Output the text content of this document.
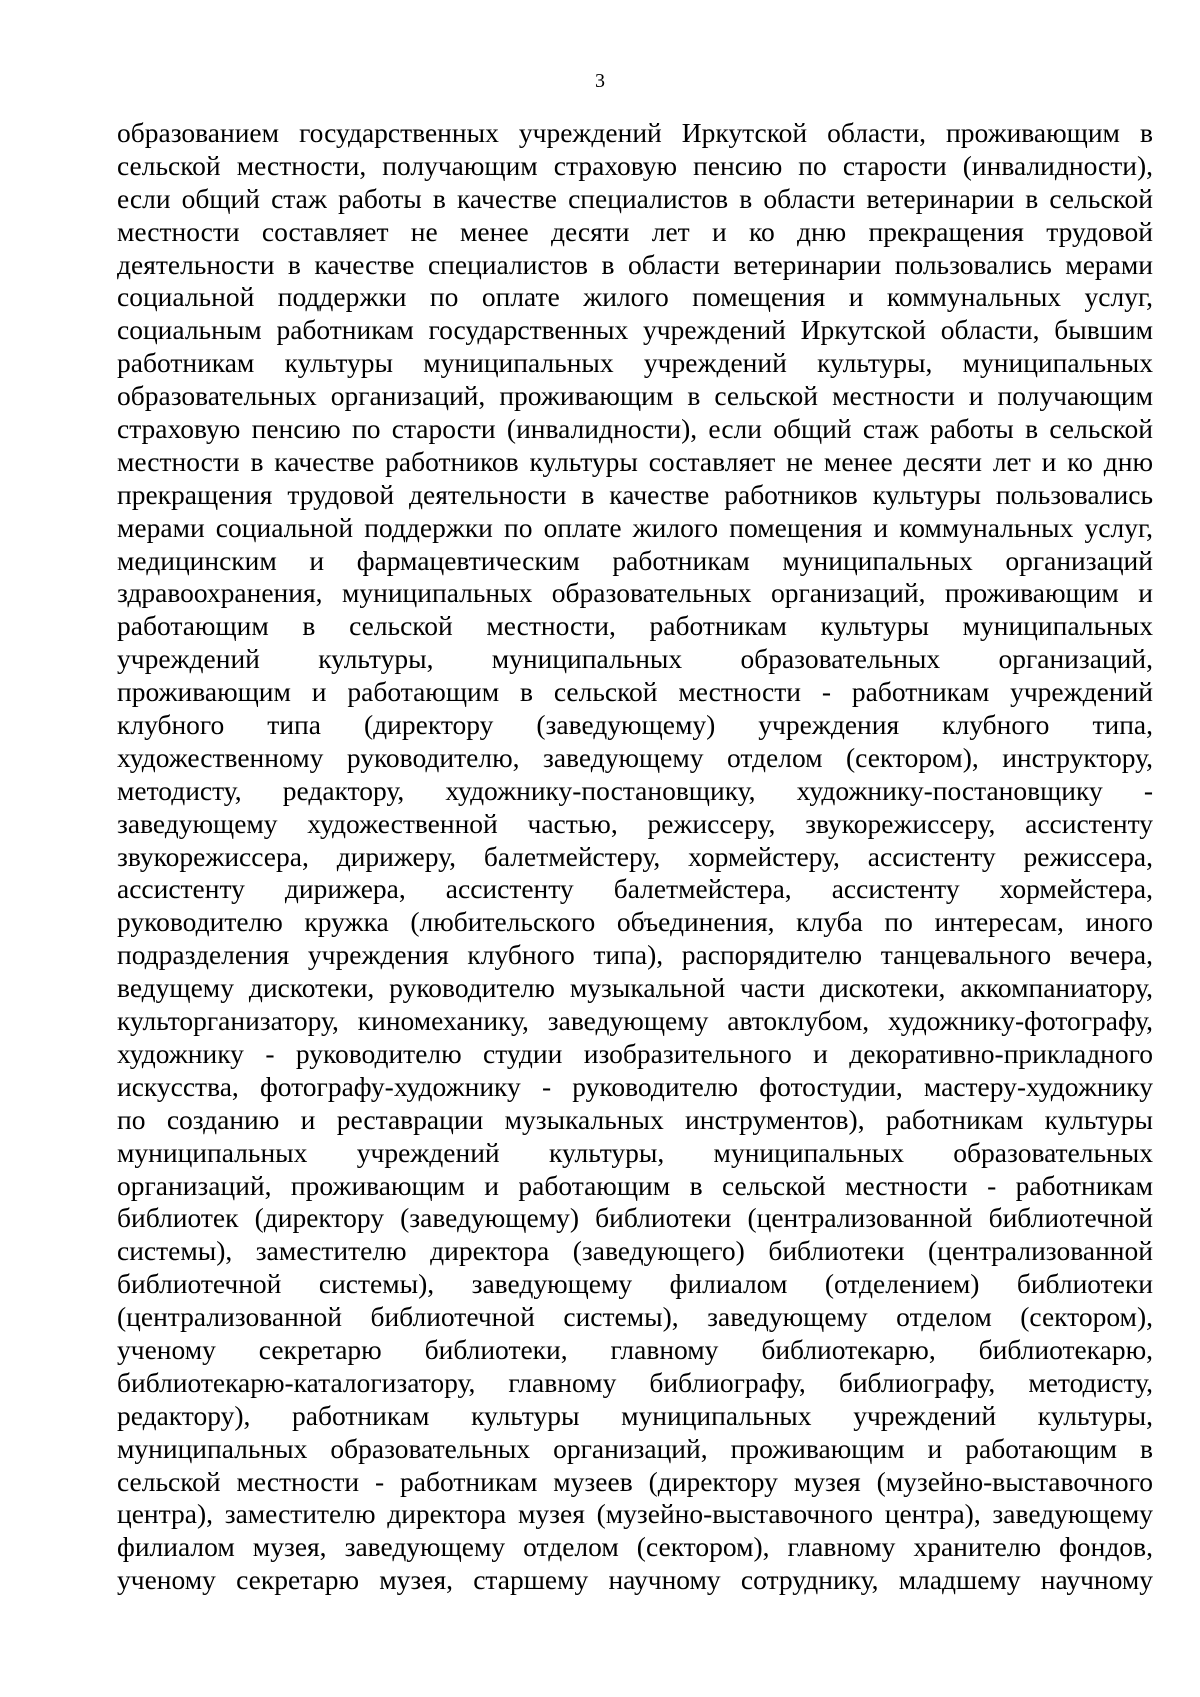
3
образованием государственных учреждений Иркутской области, проживающим в
сельской местности, получающим страховую пенсию по старости (инвалидности),
если общий стаж работы в качестве специалистов в области ветеринарии в сельской
местности составляет не менее десяти лет и ко дню прекращения трудовой
деятельности в качестве специалистов в области ветеринарии пользовались мерами
социальной поддержки по оплате жилого помещения и коммунальных услуг,
социальным работникам государственных учреждений Иркутской области, бывшим
работникам культуры муниципальных учреждений культуры, муниципальных
образовательных организаций, проживающим в сельской местности и получающим
страховую пенсию по старости (инвалидности), если общий стаж работы в сельской
местности в качестве работников культуры составляет не менее десяти лет и ко дню
прекращения трудовой деятельности в качестве работников культуры пользовались
мерами социальной поддержки по оплате жилого помещения и коммунальных услуг,
медицинским и фармацевтическим работникам муниципальных организаций
здравоохранения, муниципальных образовательных организаций, проживающим и
работающим в сельской местности, работникам культуры муниципальных
учреждений культуры, муниципальных образовательных организаций,
проживающим и работающим в сельской местности - работникам учреждений
клубного типа (директору (заведующему) учреждения клубного типа,
художественному руководителю, заведующему отделом (сектором), инструктору,
методисту, редактору, художнику-постановщику, художнику-постановщику -
заведующему художественной частью, режиссеру, звукорежиссеру, ассистенту
звукорежиссера, дирижеру, балетмейстеру, хормейстеру, ассистенту режиссера,
ассистенту дирижера, ассистенту балетмейстера, ассистенту хормейстера,
руководителю кружка (любительского объединения, клуба по интересам, иного
подразделения учреждения клубного типа), распорядителю танцевального вечера,
ведущему дискотеки, руководителю музыкальной части дискотеки, аккомпаниатору,
культорганизатору, киномеханику, заведующему автоклубом, художнику-фотографу,
художнику - руководителю студии изобразительного и декоративно-прикладного
искусства, фотографу-художнику - руководителю фотостудии, мастеру-художнику
по созданию и реставрации музыкальных инструментов), работникам культуры
муниципальных учреждений культуры, муниципальных образовательных
организаций, проживающим и работающим в сельской местности - работникам
библиотек (директору (заведующему) библиотеки (централизованной библиотечной
системы), заместителю директора (заведующего) библиотеки (централизованной
библиотечной системы), заведующему филиалом (отделением) библиотеки
(централизованной библиотечной системы), заведующему отделом (сектором),
ученому секретарю библиотеки, главному библиотекарю, библиотекарю,
библиотекарю-каталогизатору, главному библиографу, библиографу, методисту,
редактору), работникам культуры муниципальных учреждений культуры,
муниципальных образовательных организаций, проживающим и работающим в
сельской местности - работникам музеев (директору музея (музейно-выставочного
центра), заместителю директора музея (музейно-выставочного центра), заведующему
филиалом музея, заведующему отделом (сектором), главному хранителю фондов,
ученому секретарю музея, старшему научному сотруднику, младшему научному
